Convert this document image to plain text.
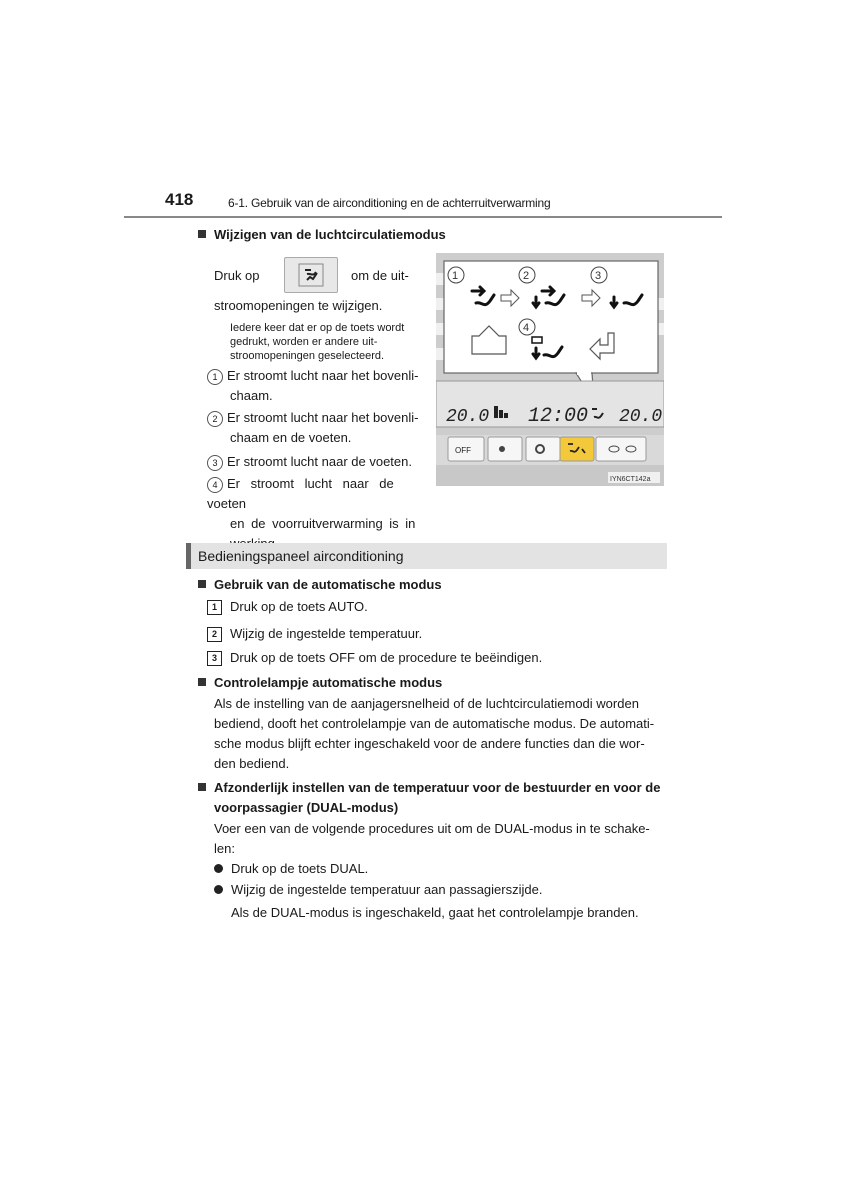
418	6-1. Gebruik van de airconditioning en de achterruitverwarming
Wijzigen van de luchtcirculatiemodus
Druk op	om de uit-
stroomopeningen te wijzigen.
Iedere keer dat er op de toets wordt
gedrukt, worden er andere uit-
stroomopeningen geselecteerd.
1 Er stroomt lucht naar het bovenli-
chaam.
2 Er stroomt lucht naar het bovenli-
chaam en de voeten.
3 Er stroomt lucht naar de voeten.
4 Er stroomt lucht naar de voeten
en de voorruitverwarming is in
1	2	3
4
20.0 12:00 20.0
OFF
IYN6CT142a
Bedieningspaneel airconditioning
Gebruik van de automatische modus
1 Druk op de toets AUTO.
2 Wijzig de ingestelde temperatuur.
3 Druk op de toets OFF om de procedure te beëindigen.
Controlelampje automatische modus
Als de instelling van de aanjagersnelheid of de luchtcirculatiemodi worden
bediend, dooft het controlelampje van de automatische modus. De automati-
sche modus blijft echter ingeschakeld voor de andere functies dan die wor-
den bediend.
Afzonderlijk instellen van de temperatuur voor de bestuurder en voor de
voorpassagier (DUAL-modus)
Voer een van de volgende procedures uit om de DUAL-modus in te schake-
len:
Druk op de toets DUAL.
Wijzig de ingestelde temperatuur aan passagierszijde.
Als de DUAL-modus is ingeschakeld, gaat het controlelampje branden.
